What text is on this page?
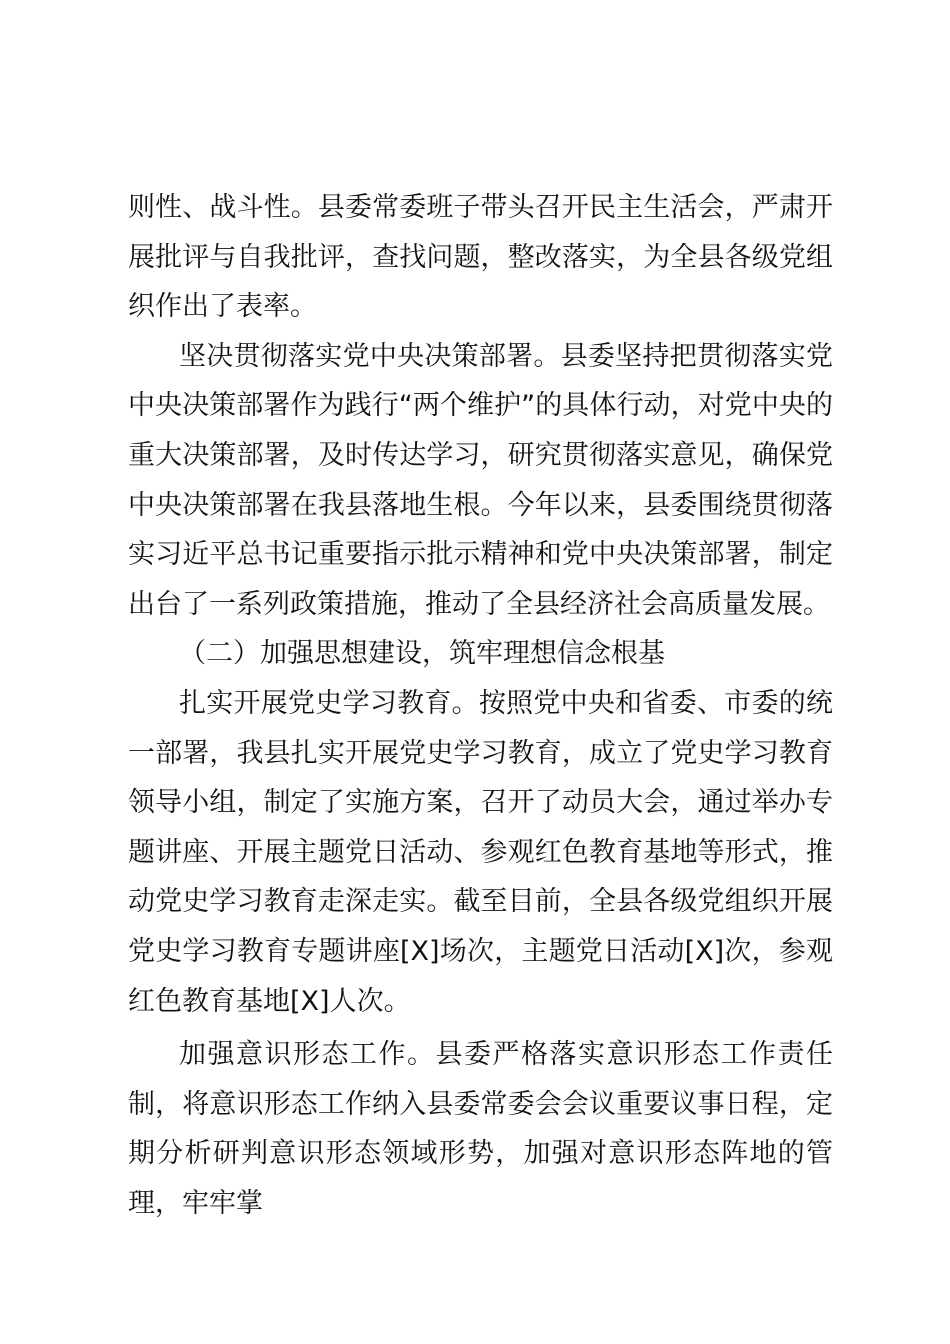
则性、战斗性。县委常委班子带头召开民主生活会，严肃开展批评与自我批评，查找问题，整改落实，为全县各级党组织作出了表率。

坚决贯彻落实党中央决策部署。县委坚持把贯彻落实党中央决策部署作为践行“两个维护”的具体行动，对党中央的重大决策部署，及时传达学习，研究贯彻落实意见，确保党中央决策部署在我县落地生根。今年以来，县委围绕贯彻落实习近平总书记重要指示批示精神和党中央决策部署，制定出台了一系列政策措施，推动了全县经济社会高质量发展。

（二）加强思想建设，筑牢理想信念根基

扎实开展党史学习教育。按照党中央和省委、市委的统一部署，我县扎实开展党史学习教育，成立了党史学习教育领导小组，制定了实施方案，召开了动员大会，通过举办专题讲座、开展主题党日活动、参观红色教育基地等形式，推动党史学习教育走深走实。截至目前，全县各级党组织开展党史学习教育专题讲座[X]场次，主题党日活动[X]次，参观红色教育基地[X]人次。

加强意识形态工作。县委严格落实意识形态工作责任制，将意识形态工作纳入县委常委会会议重要议事日程，定期分析研判意识形态领域形势，加强对意识形态阵地的管理，牢牢掌
